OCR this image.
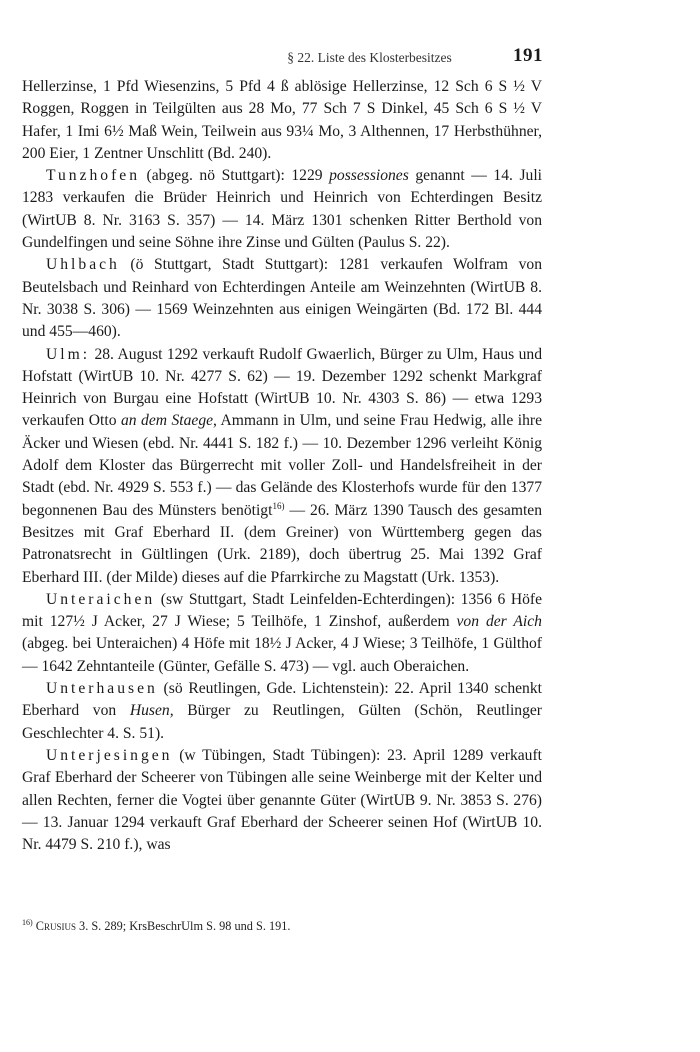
§ 22. Liste des Klosterbesitzes	191

Hellerzinse, 1 Pfd Wiesenzins, 5 Pfd 4 ß ablösige Hellerzinse, 12 Sch 6 S ½ V Roggen, Roggen in Teilgülten aus 28 Mo, 77 Sch 7 S Dinkel, 45 Sch 6 S ½ V Hafer, 1 Imi 6½ Maß Wein, Teilwein aus 93¼ Mo, 3 Althennen, 17 Herbsthühner, 200 Eier, 1 Zentner Unschlitt (Bd. 240).

Tunzhofen (abgeg. nö Stuttgart): 1229 possessiones genannt — 14. Juli 1283 verkaufen die Brüder Heinrich und Heinrich von Echterdingen Besitz (WirtUB 8. Nr. 3163 S. 357) — 14. März 1301 schenken Ritter Berthold von Gundelfingen und seine Söhne ihre Zinse und Gülten (Paulus S. 22).

Uhlbach (ö Stuttgart, Stadt Stuttgart): 1281 verkaufen Wolfram von Beutelsbach und Reinhard von Echterdingen Anteile am Weinzehnten (WirtUB 8. Nr. 3038 S. 306) — 1569 Weinzehnten aus einigen Weingärten (Bd. 172 Bl. 444 und 455—460).

Ulm: 28. August 1292 verkauft Rudolf Gwaerlich, Bürger zu Ulm, Haus und Hofstatt (WirtUB 10. Nr. 4277 S. 62) — 19. Dezember 1292 schenkt Markgraf Heinrich von Burgau eine Hofstatt (WirtUB 10. Nr. 4303 S. 86) — etwa 1293 verkaufen Otto an dem Staege, Ammann in Ulm, und seine Frau Hedwig, alle ihre Äcker und Wiesen (ebd. Nr. 4441 S. 182 f.) — 10. Dezember 1296 verleiht König Adolf dem Kloster das Bürgerrecht mit voller Zoll- und Handelsfreiheit in der Stadt (ebd. Nr. 4929 S. 553 f.) — das Gelände des Klosterhofs wurde für den 1377 begonnenen Bau des Münsters benötigt$^{16)}$ — 26. März 1390 Tausch des gesamten Besitzes mit Graf Eberhard II. (dem Greiner) von Württemberg gegen das Patronatsrecht in Gültlingen (Urk. 2189), doch übertrug 25. Mai 1392 Graf Eberhard III. (der Milde) dieses auf die Pfarrkirche zu Magstatt (Urk. 1353).

Unteraichen (sw Stuttgart, Stadt Leinfelden-Echterdingen): 1356 6 Höfe mit 127½ J Acker, 27 J Wiese; 5 Teilhöfe, 1 Zinshof, außerdem von der Aich (abgeg. bei Unteraichen) 4 Höfe mit 18½ J Acker, 4 J Wiese; 3 Teilhöfe, 1 Gülthof — 1642 Zehntanteile (Günter, Gefälle S. 473) — vgl. auch Oberaichen.

Unterhausen (sö Reutlingen, Gde. Lichtenstein): 22. April 1340 schenkt Eberhard von Husen, Bürger zu Reutlingen, Gülten (Schön, Reutlinger Geschlechter 4. S. 51).

Unterjesingen (w Tübingen, Stadt Tübingen): 23. April 1289 verkauft Graf Eberhard der Scheerer von Tübingen alle seine Weinberge mit der Kelter und allen Rechten, ferner die Vogtei über genannte Güter (WirtUB 9. Nr. 3853 S. 276) — 13. Januar 1294 verkauft Graf Eberhard der Scheerer seinen Hof (WirtUB 10. Nr. 4479 S. 210 f.), was

$^{16)}$ Crusius 3. S. 289; KrsBeschrUlm S. 98 und S. 191.
